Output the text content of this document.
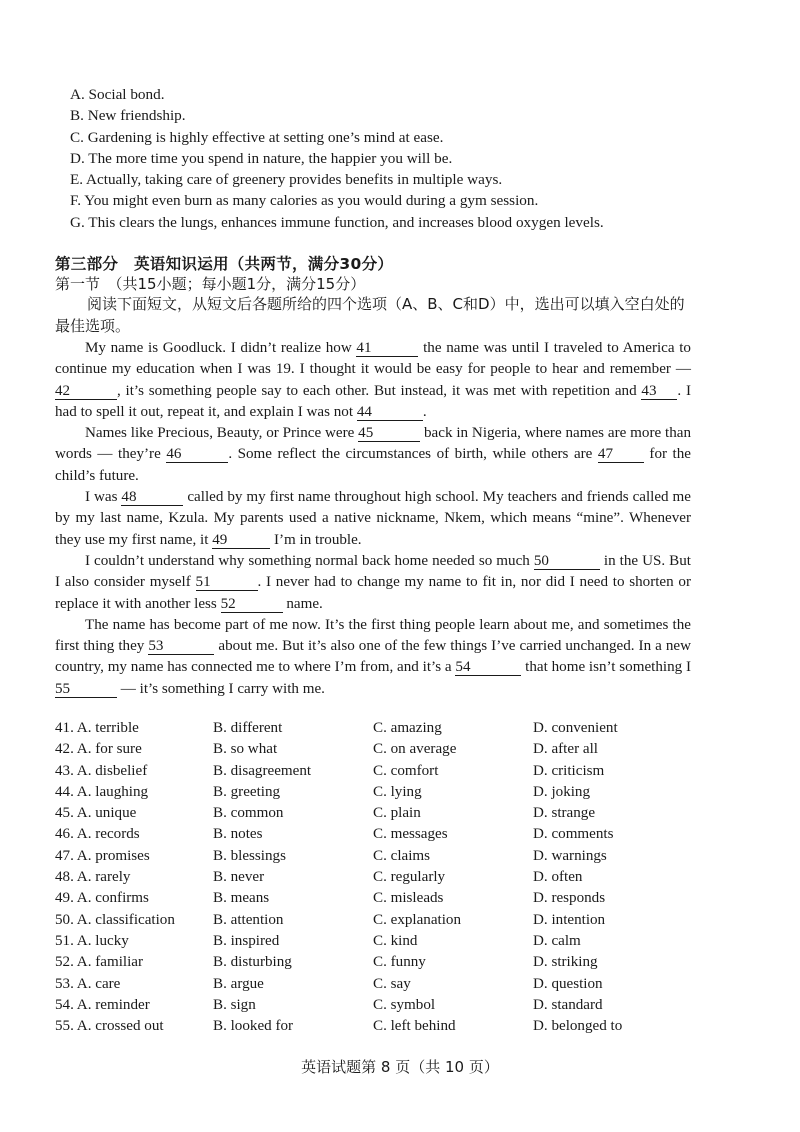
A. Social bond.
B. New friendship.
C. Gardening is highly effective at setting one’s mind at ease.
D. The more time you spend in nature, the happier you will be.
E. Actually, taking care of greenery provides benefits in multiple ways.
F. You might even burn as many calories as you would during a gym session.
G. This clears the lungs, enhances immune function, and increases blood oxygen levels.
第三部分　英语知识运用（共两节，满分30分）
第一节　（共15小题；每小题1分，满分15分）
阅读下面短文，从短文后各题所给的四个选项（A、B、C和D）中，选出可以填入空白处的最佳选项。

My name is Goodluck. I didn’t realize how 41	the name was until I traveled to America to continue my education when I was 19. I thought it would be easy for people to hear and remember — 42	, it’s something people say to each other. But instead, it was met with repetition and 43 . I had to spell it out, repeat it, and explain I was not 44	.

Names like Precious, Beauty, or Prince were 45	back in Nigeria, where names are more than words — they’re 46	. Some reflect the circumstances of birth, while others are 47 for the child’s future.

I was 48	called by my first name throughout high school. My teachers and friends called me by my last name, Kzula. My parents used a native nickname, Nkem, which means “mine”. Whenever they use my first name, it 49	I’m in trouble.

I couldn’t understand why something normal back home needed so much 50	in the US. But I also consider myself 51	. I never had to change my name to fit in, nor did I need to shorten or replace it with another less 52	name.

The name has become part of me now. It’s the first thing people learn about me, and sometimes the first thing they 53	about me. But it’s also one of the few things I’ve carried unchanged. In a new country, my name has connected me to where I’m from, and it’s a 54	that home isn’t something I 55	— it’s something I carry with me.

41. A. terrible	B. different	C. amazing	D. convenient
42. A. for sure	B. so what	C. on average	D. after all
43. A. disbelief	B. disagreement	C. comfort	D. criticism
44. A. laughing	B. greeting	C. lying	D. joking
45. A. unique	B. common	C. plain	D. strange
46. A. records	B. notes	C. messages	D. comments
47. A. promises	B. blessings	C. claims	D. warnings
48. A. rarely	B. never	C. regularly	D. often
49. A. confirms	B. means	C. misleads	D. responds
50. A. classification	B. attention	C. explanation	D. intention
51. A. lucky	B. inspired	C. kind	D. calm
52. A. familiar	B. disturbing	C. funny	D. striking
53. A. care	B. argue	C. say	D. question
54. A. reminder	B. sign	C. symbol	D. standard
55. A. crossed out	B. looked for	C. left behind	D. belonged to
英语试题第 8 页（共 10 页）
